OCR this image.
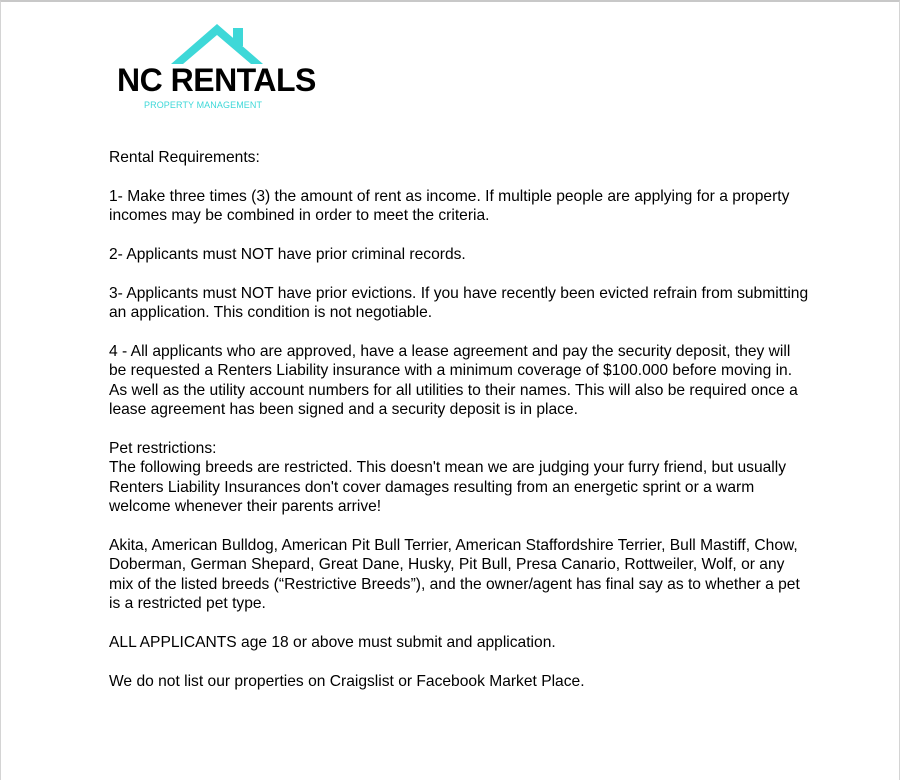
NC RENTALS
PROPERTY MANAGEMENT

Rental Requirements:

1- Make three times (3) the amount of rent as income. If multiple people are applying for a property incomes may be combined in order to meet the criteria.

2- Applicants must NOT have prior criminal records.

3- Applicants must NOT have prior evictions. If you have recently been evicted refrain from submitting an application. This condition is not negotiable.

4 - All applicants who are approved, have a lease agreement and pay the security deposit, they will be requested a Renters Liability insurance with a minimum coverage of $100.000 before moving in. As well as the utility account numbers for all utilities to their names. This will also be required once a lease agreement has been signed and a security deposit is in place.

Pet restrictions:

The following breeds are restricted. This doesn't mean we are judging your furry friend, but usually Renters Liability Insurances don't cover damages resulting from an energetic sprint or a warm welcome whenever their parents arrive!

Akita, American Bulldog, American Pit Bull Terrier, American Staffordshire Terrier, Bull Mastiff, Chow, Doberman, German Shepard, Great Dane, Husky, Pit Bull, Presa Canario, Rottweiler, Wolf, or any mix of the listed breeds (“Restrictive Breeds”), and the owner/agent has final say as to whether a pet is a restricted pet type.

ALL APPLICANTS age 18 or above must submit and application.

We do not list our properties on Craigslist or Facebook Market Place.
